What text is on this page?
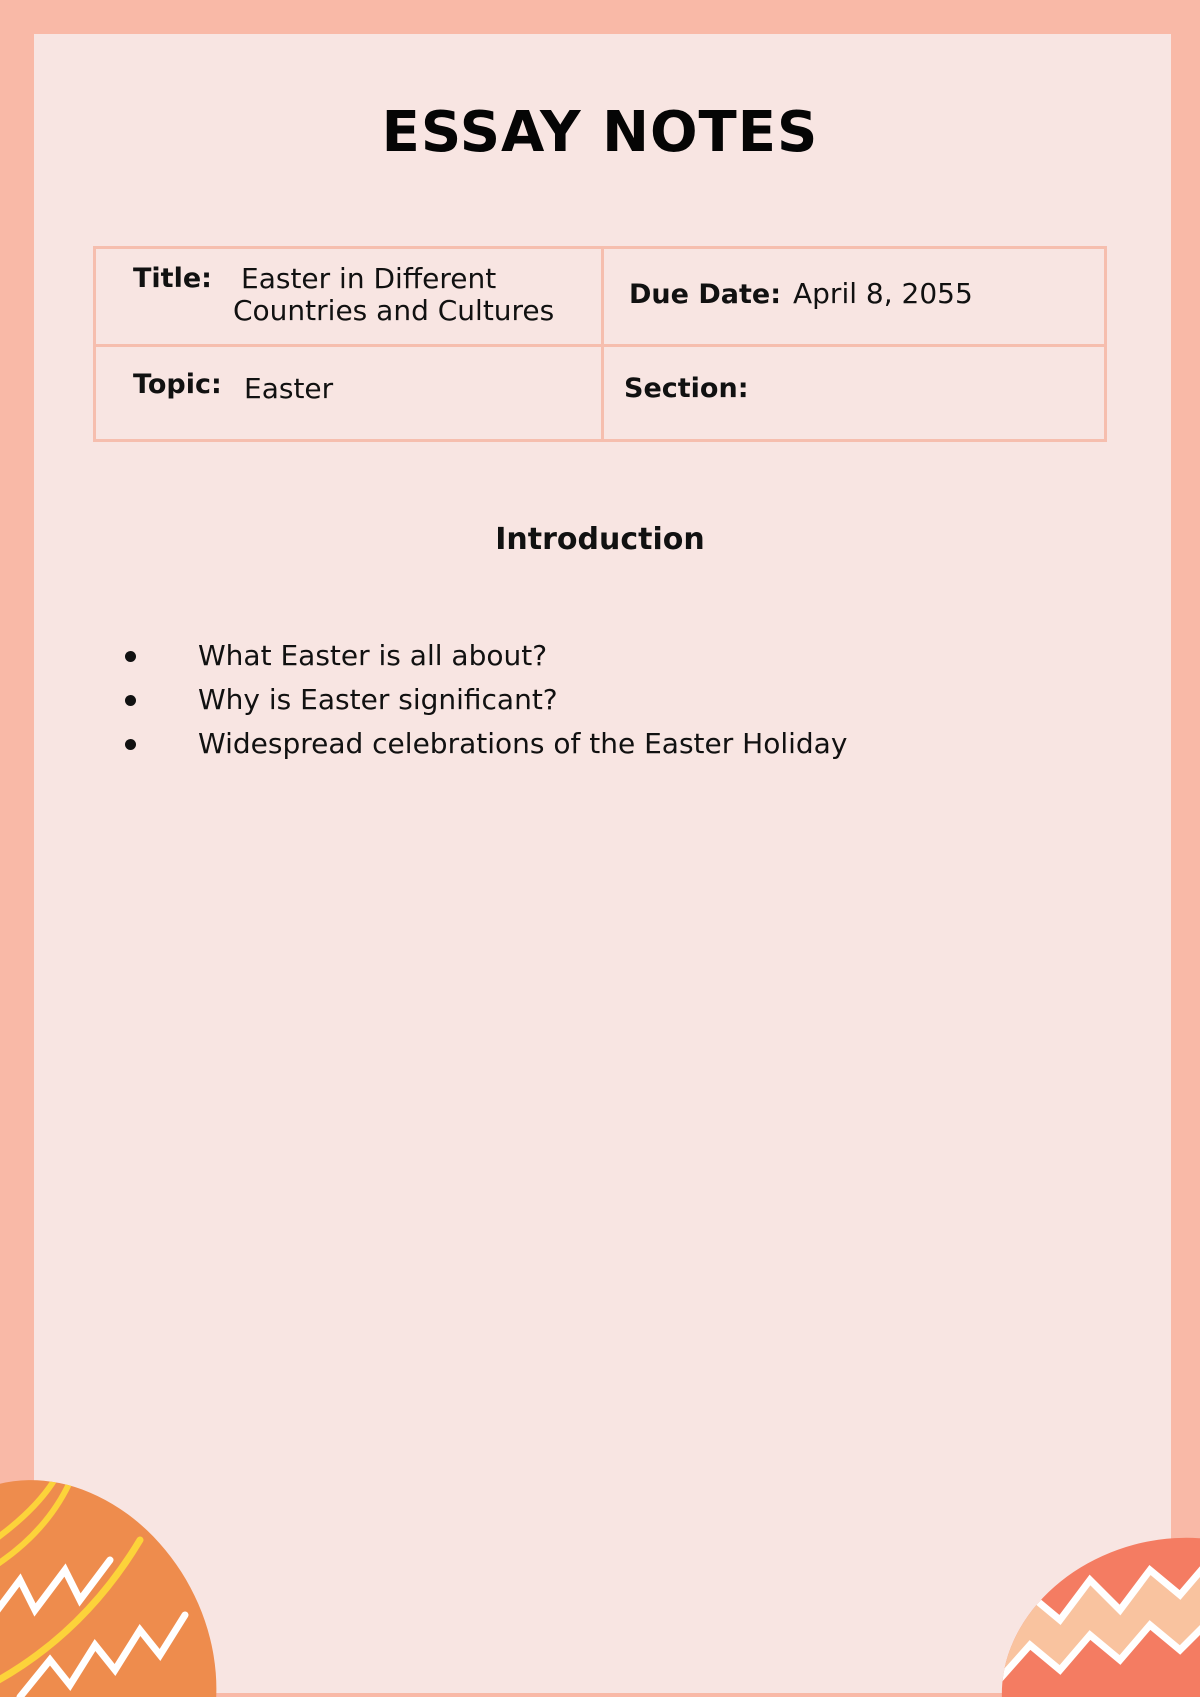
ESSAY NOTES
Title: Easter in Different
Countries and Cultures	Due Date: April 8, 2055
Topic: Easter	Section:
Introduction
What Easter is all about?
Why is Easter significant?
Widespread celebrations of the Easter Holiday
